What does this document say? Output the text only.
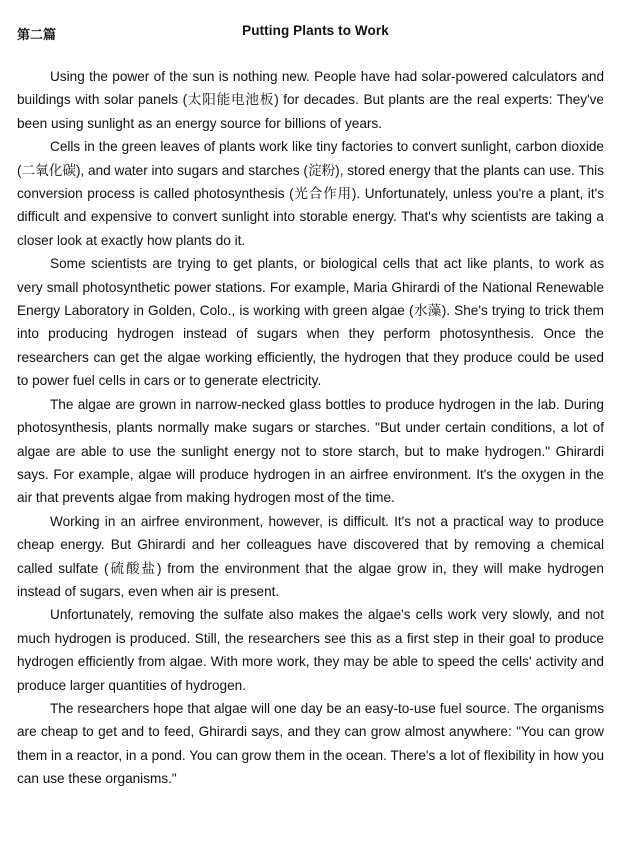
第二篇	Putting Plants to Work

Using the power of the sun is nothing new. People have had solar-powered calculators and buildings with solar panels (太阳能电池板) for decades. But plants are the real experts: They've been using sunlight as an energy source for billions of years.

Cells in the green leaves of plants work like tiny factories to convert sunlight, carbon dioxide (二氧化碳), and water into sugars and starches (淀粉), stored energy that the plants can use. This conversion process is called photosynthesis (光合作用). Unfortunately, unless you're a plant, it's difficult and expensive to convert sunlight into storable energy. That's why scientists are taking a closer look at exactly how plants do it.

Some scientists are trying to get plants, or biological cells that act like plants, to work as very small photosynthetic power stations. For example, Maria Ghirardi of the National Renewable Energy Laboratory in Golden, Colo., is working with green algae (水藻). She's trying to trick them into producing hydrogen instead of sugars when they perform photosynthesis. Once the researchers can get the algae working efficiently, the hydrogen that they produce could be used to power fuel cells in cars or to generate electricity.

The algae are grown in narrow-necked glass bottles to produce hydrogen in the lab. During photosynthesis, plants normally make sugars or starches. "But under certain conditions, a lot of algae are able to use the sunlight energy not to store starch, but to make hydrogen." Ghirardi says. For example, algae will produce hydrogen in an airfree environment. It's the oxygen in the air that prevents algae from making hydrogen most of the time.

Working in an airfree environment, however, is difficult. It's not a practical way to produce cheap energy. But Ghirardi and her colleagues have discovered that by removing a chemical called sulfate (硫酸盐) from the environment that the algae grow in, they will make hydrogen instead of sugars, even when air is present.

Unfortunately, removing the sulfate also makes the algae's cells work very slowly, and not much hydrogen is produced. Still, the researchers see this as a first step in their goal to produce hydrogen efficiently from algae. With more work, they may be able to speed the cells' activity and produce larger quantities of hydrogen.

The researchers hope that algae will one day be an easy-to-use fuel source. The organisms are cheap to get and to feed, Ghirardi says, and they can grow almost anywhere: "You can grow them in a reactor, in a pond. You can grow them in the ocean. There's a lot of flexibility in how you can use these organisms."
